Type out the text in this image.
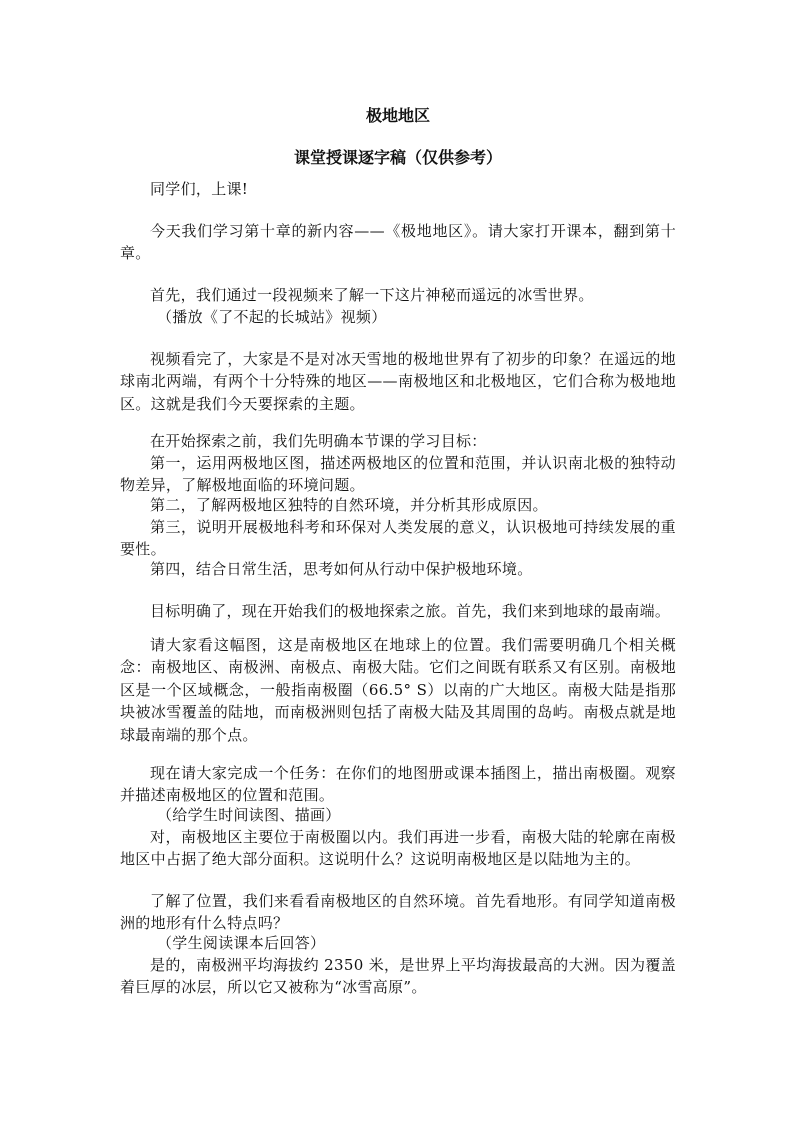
极地地区
课堂授课逐字稿（仅供参考）
同学们，上课!
今天我们学习第十章的新内容——《极地地区》。请大家打开课本，翻到第十章。
首先，我们通过一段视频来了解一下这片神秘而遥远的冰雪世界。
（播放《了不起的长城站》视频）
视频看完了，大家是不是对冰天雪地的极地世界有了初步的印象？在遥远的地球南北两端，有两个十分特殊的地区——南极地区和北极地区，它们合称为极地地区。这就是我们今天要探索的主题。
在开始探索之前，我们先明确本节课的学习目标：
第一，运用两极地区图，描述两极地区的位置和范围，并认识南北极的独特动物差异，了解极地面临的环境问题。
第二，了解两极地区独特的自然环境，并分析其形成原因。
第三，说明开展极地科考和环保对人类发展的意义，认识极地可持续发展的重要性。
第四，结合日常生活，思考如何从行动中保护极地环境。
目标明确了，现在开始我们的极地探索之旅。首先，我们来到地球的最南端。
请大家看这幅图，这是南极地区在地球上的位置。我们需要明确几个相关概念：南极地区、南极洲、南极点、南极大陆。它们之间既有联系又有区别。南极地区是一个区域概念，一般指南极圈（66.5° S）以南的广大地区。南极大陆是指那块被冰雪覆盖的陆地，而南极洲则包括了南极大陆及其周围的岛屿。南极点就是地球最南端的那个点。
现在请大家完成一个任务：在你们的地图册或课本插图上，描出南极圈。观察并描述南极地区的位置和范围。
（给学生时间读图、描画）
对，南极地区主要位于南极圈以内。我们再进一步看，南极大陆的轮廓在南极地区中占据了绝大部分面积。这说明什么？这说明南极地区是以陆地为主的。
了解了位置，我们来看看南极地区的自然环境。首先看地形。有同学知道南极洲的地形有什么特点吗？
（学生阅读课本后回答）
是的，南极洲平均海拔约 2350 米，是世界上平均海拔最高的大洲。因为覆盖着巨厚的冰层，所以它又被称为“冰雪高原”。
